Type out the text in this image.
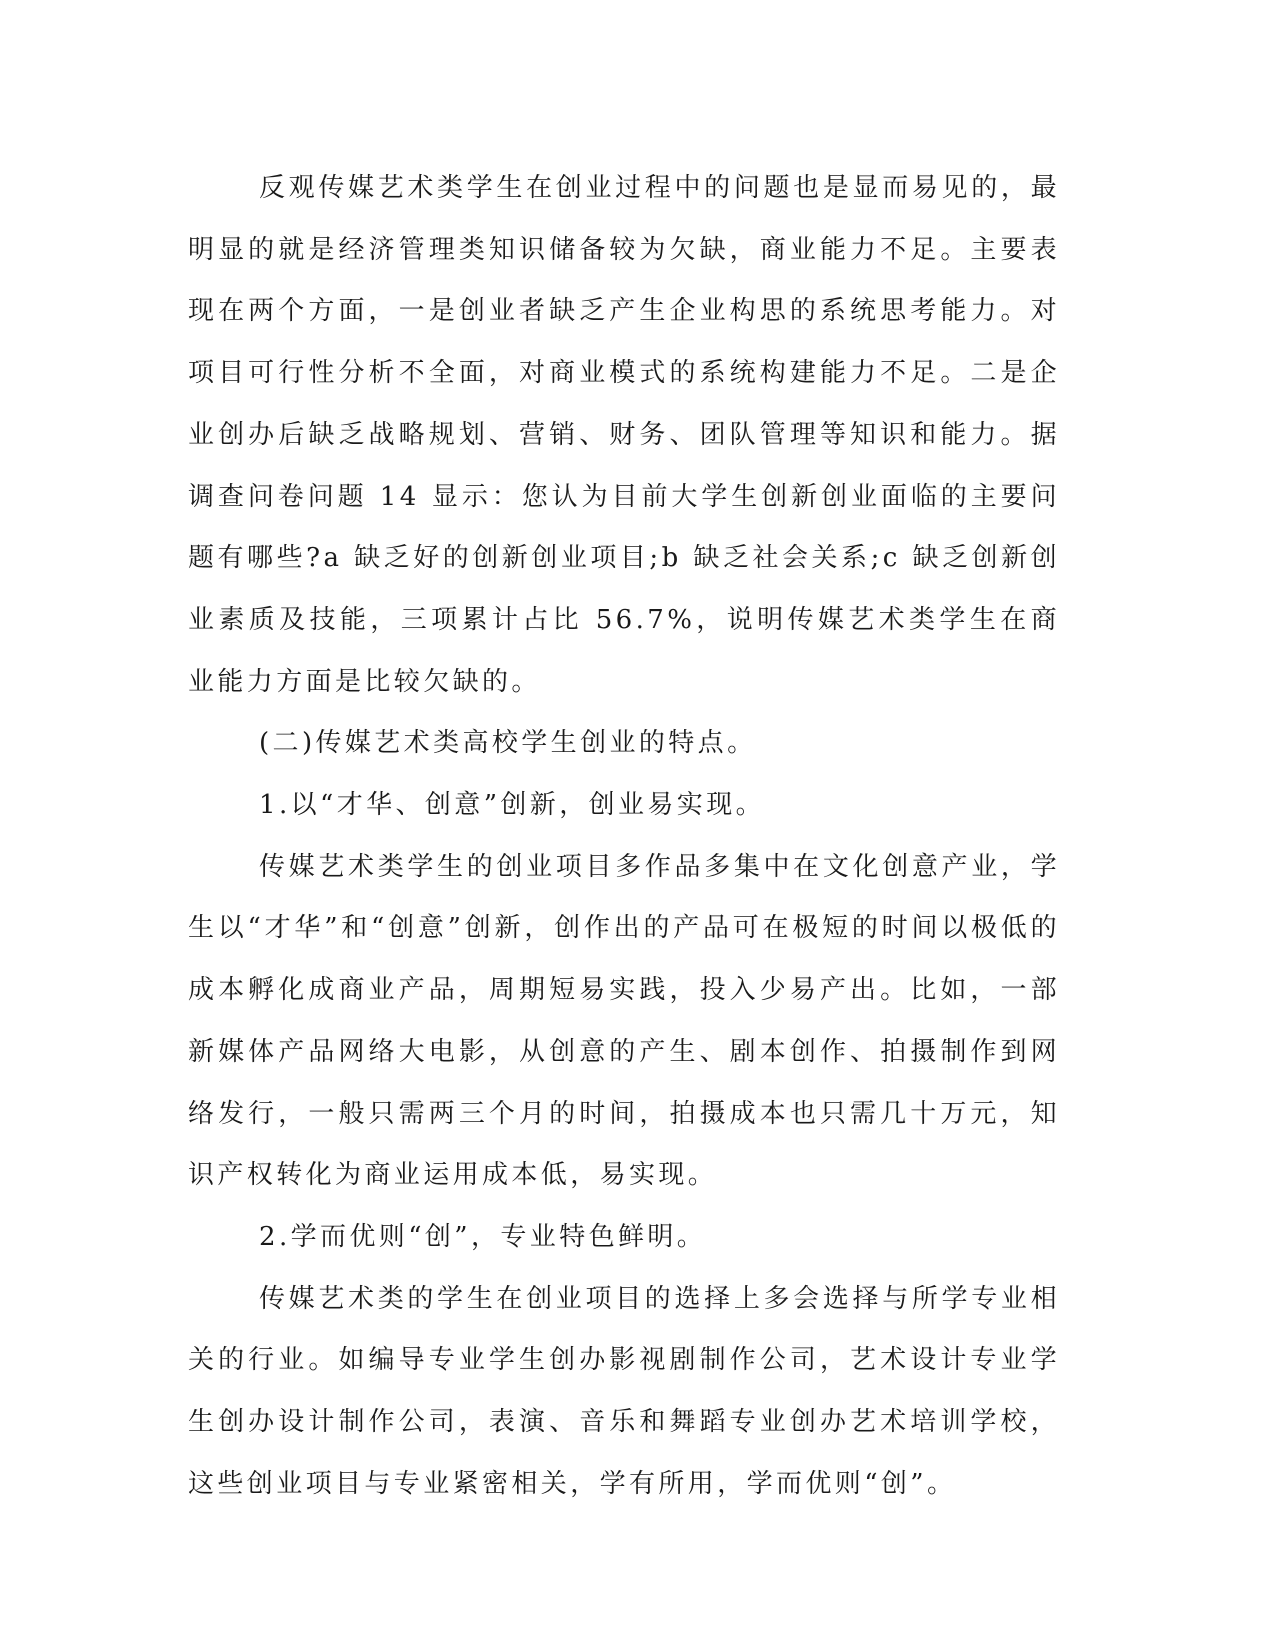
反观传媒艺术类学生在创业过程中的问题也是显而易见的，最明显的就是经济管理类知识储备较为欠缺，商业能力不足。主要表现在两个方面，一是创业者缺乏产生企业构思的系统思考能力。对项目可行性分析不全面，对商业模式的系统构建能力不足。二是企业创办后缺乏战略规划、营销、财务、团队管理等知识和能力。据调查问卷问题 14 显示：您认为目前大学生创新创业面临的主要问题有哪些?a 缺乏好的创新创业项目;b 缺乏社会关系;c 缺乏创新创业素质及技能，三项累计占比 56.7%，说明传媒艺术类学生在商业能力方面是比较欠缺的。

(二)传媒艺术类高校学生创业的特点。

1.以“才华、创意”创新，创业易实现。

传媒艺术类学生的创业项目多作品多集中在文化创意产业，学生以“才华”和“创意”创新，创作出的产品可在极短的时间以极低的成本孵化成商业产品，周期短易实践，投入少易产出。比如，一部新媒体产品网络大电影，从创意的产生、剧本创作、拍摄制作到网络发行，一般只需两三个月的时间，拍摄成本也只需几十万元，知识产权转化为商业运用成本低，易实现。

2.学而优则“创”，专业特色鲜明。

传媒艺术类的学生在创业项目的选择上多会选择与所学专业相关的行业。如编导专业学生创办影视剧制作公司，艺术设计专业学生创办设计制作公司，表演、音乐和舞蹈专业创办艺术培训学校，这些创业项目与专业紧密相关，学有所用，学而优则“创”。
